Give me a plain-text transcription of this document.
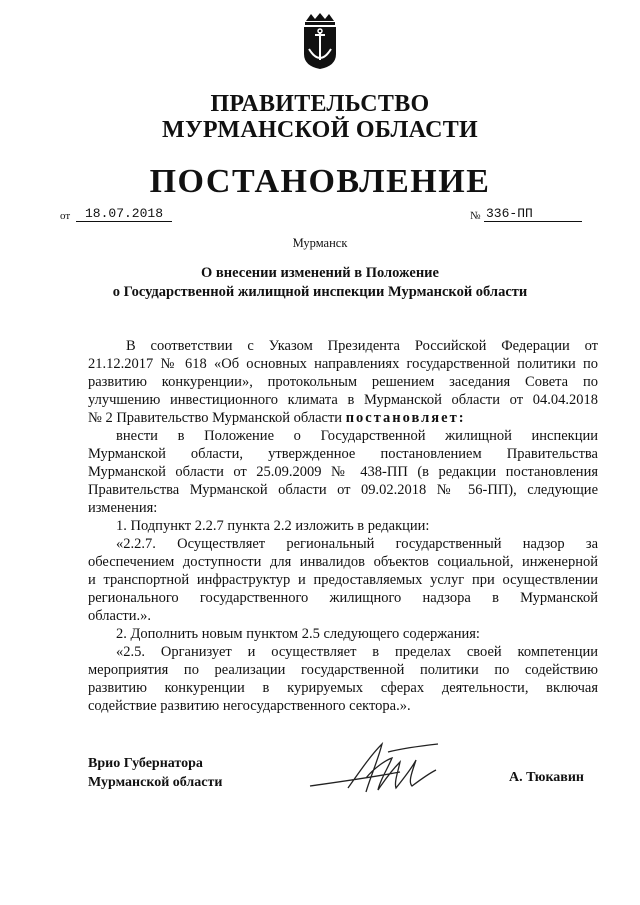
ПРАВИТЕЛЬСТВО
МУРМАНСКОЙ ОБЛАСТИ
ПОСТАНОВЛЕНИЕ
от	18.07.2018	№ 336-ПП
Мурманск
О внесении изменений в Положение
о Государственной жилищной инспекции Мурманской области
В соответствии с Указом Президента Российской Федерации от
21.12.2017 № 618 «Об основных направлениях государственной политики по
развитию конкуренции», протокольным решением заседания Совета по
улучшению инвестиционного климата в Мурманской области от 04.04.2018
№ 2 Правительство Мурманской области постановляет:
внести в Положение о Государственной жилищной инспекции
Мурманской области, утвержденное постановлением Правительства
Мурманской области от 25.09.2009 № 438-ПП (в редакции постановления
Правительства Мурманской области от 09.02.2018 № 56-ПП), следующие
изменения:
1. Подпункт 2.2.7 пункта 2.2 изложить в редакции:
«2.2.7. Осуществляет региональный государственный надзор за
обеспечением доступности для инвалидов объектов социальной, инженерной
и транспортной инфраструктур и предоставляемых услуг при осуществлении
регионального государственного жилищного надзора в Мурманской
области.».
2. Дополнить новым пунктом 2.5 следующего содержания:
«2.5. Организует и осуществляет в пределах своей компетенции
мероприятия по реализации государственной политики по содействию
развитию конкуренции в курируемых сферах деятельности, включая
содействие развитию негосударственного сектора.».
Врио Губернатора
Мурманской области	А. Тюкавин
